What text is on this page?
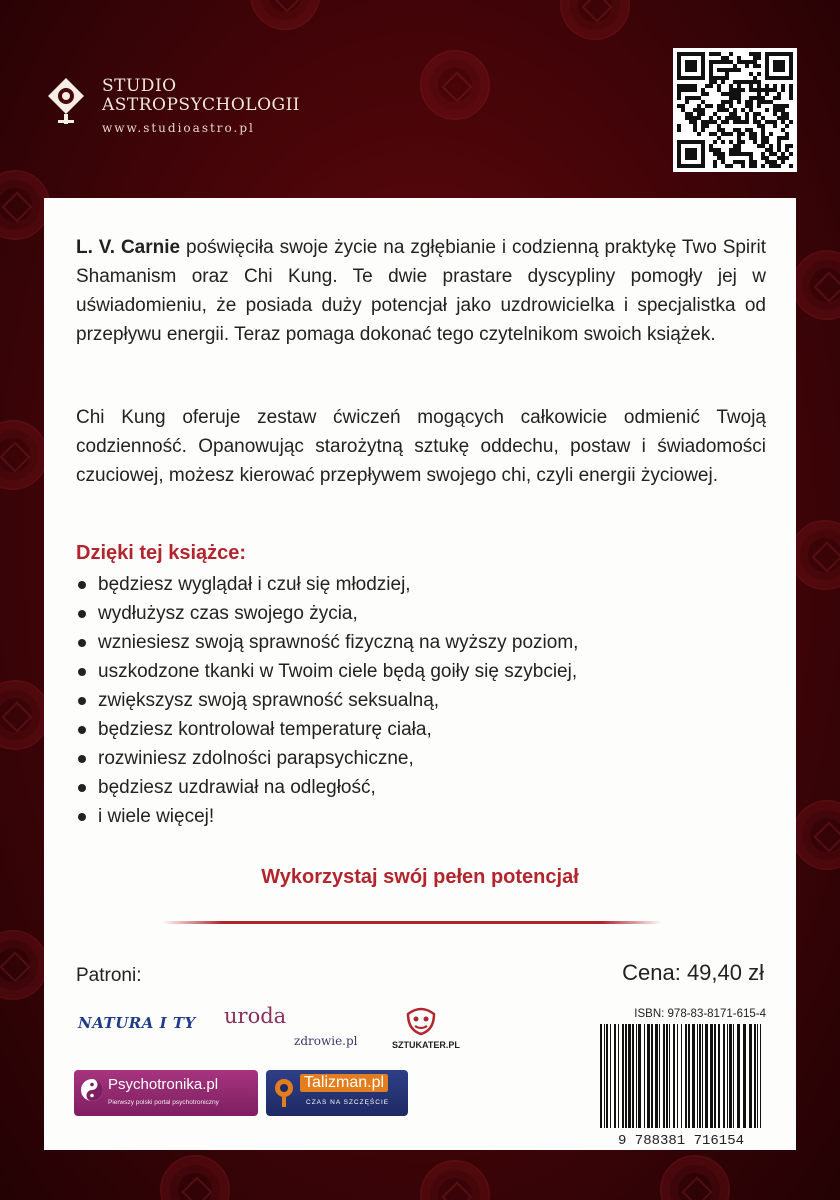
STUDIO
ASTROPSYCHOLOGII
www.studioastro.pl

L. V. Carnie poświęciła swoje życie na zgłębianie i codzienną praktykę Two Spirit Shamanism oraz Chi Kung. Te dwie prastare dyscypliny pomogły jej w uświadomieniu, że posiada duży potencjał jako uzdrowicielka i specjalistka od przepływu energii. Teraz pomaga dokonać tego czytelnikom swoich książek.

Chi Kung oferuje zestaw ćwiczeń mogących całkowicie odmienić Twoją codzienność. Opanowując starożytną sztukę oddechu, postaw i świadomości czuciowej, możesz kierować przepływem swojego chi, czyli energii życiowej.

Dzięki tej książce:
będziesz wyglądał i czuł się młodziej,
wydłużysz czas swojego życia,
wzniesiesz swoją sprawność fizyczną na wyższy poziom,
uszkodzone tkanki w Twoim ciele będą goiły się szybciej,
zwiększysz swoją sprawność seksualną,
będziesz kontrolował temperaturę ciała,
rozwiniesz zdolności parapsychiczne,
będziesz uzdrawiał na odległość,
i wiele więcej!
Wykorzystaj swój pełen potencjał
Patroni:	Cena: 49,40 zł
ISBN: 978-83-8171-615-4
9 788381 716154
NATURA I TY uroda
zdrowie.pl	SZTUKATER.PL
Psychotronika.pl
Pierwszy polski portal psychotroniczny
Talizman.pl
CZAS NA SZCZĘŚCIE
